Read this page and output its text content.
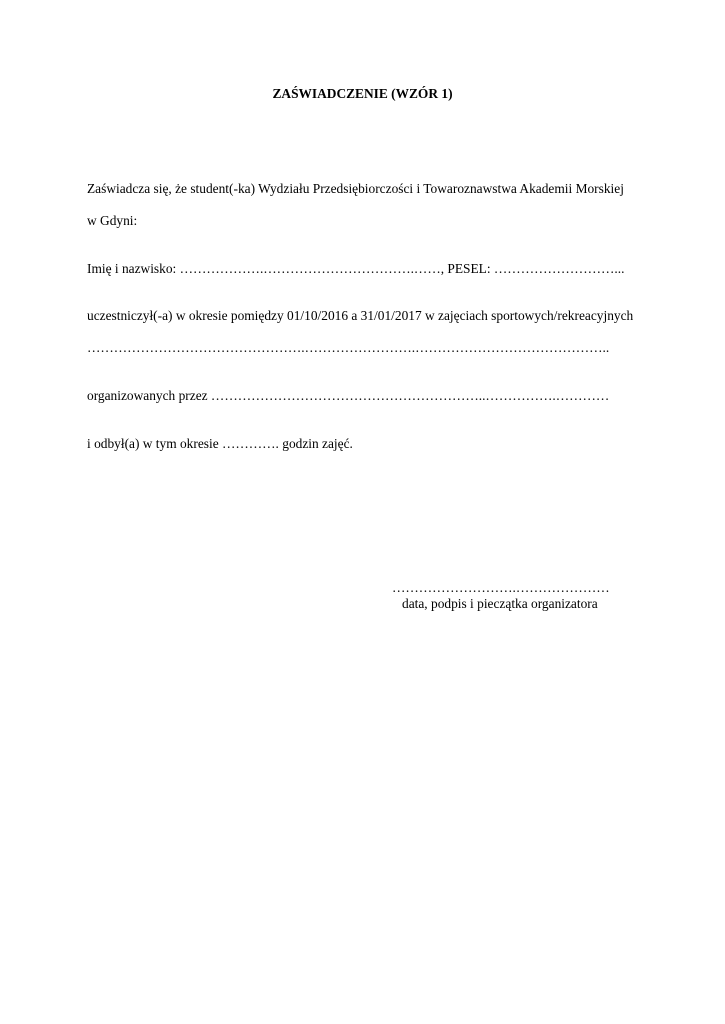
ZAŚWIADCZENIE (WZÓR 1)
Zaświadcza się, że student(-ka) Wydziału Przedsiębiorczości i Towaroznawstwa Akademii Morskiej
w Gdyni:
Imię i nazwisko: ……………….…………………………….……, PESEL: ………………………...
uczestniczył(-a) w okresie pomiędzy 01/10/2016 a 31/01/2017 w zajęciach sportowych/rekreacyjnych
………………………………………….…………………….……………………………………..
organizowanych przez ……………………………………………………..…………….…………
i odbył(a) w tym okresie …………. godzin zajęć.
……………………….…………………
data, podpis i pieczątka organizatora
